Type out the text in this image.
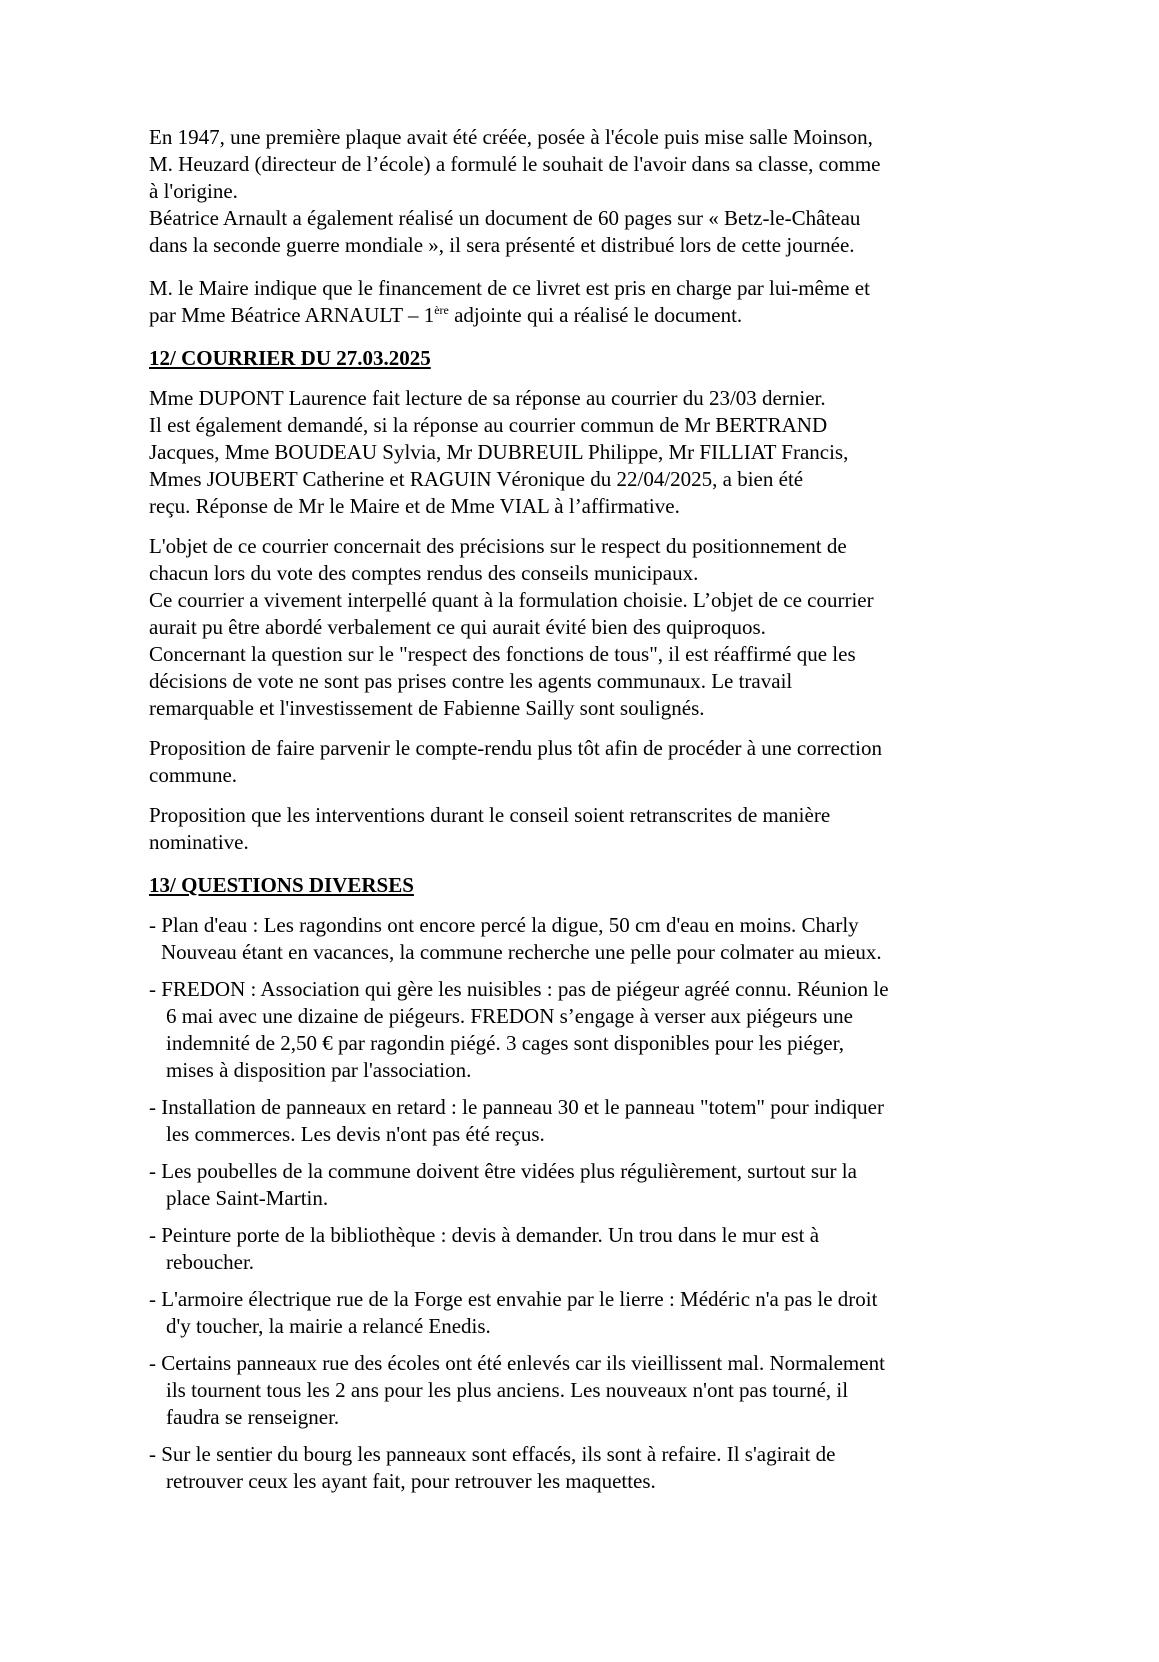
En 1947, une première plaque avait été créée, posée à l'école puis mise salle Moinson,
M. Heuzard (directeur de l’école) a formulé le souhait de l'avoir dans sa classe, comme
à l'origine.
Béatrice Arnault a également réalisé un document de 60 pages sur « Betz-le-Château
dans la seconde guerre mondiale », il sera présenté et distribué lors de cette journée.

M. le Maire indique que le financement de ce livret est pris en charge par lui-même et
par Mme Béatrice ARNAULT – 1ère adjointe qui a réalisé le document.

12/ COURRIER DU 27.03.2025

Mme DUPONT Laurence fait lecture de sa réponse au courrier du 23/03 dernier.
Il est également demandé, si la réponse au courrier commun de Mr BERTRAND
Jacques, Mme BOUDEAU Sylvia, Mr DUBREUIL Philippe, Mr FILLIAT Francis,
Mmes JOUBERT Catherine et RAGUIN Véronique du 22/04/2025, a bien été
reçu. Réponse de Mr le Maire et de Mme VIAL à l’affirmative.

L'objet de ce courrier concernait des précisions sur le respect du positionnement de
chacun lors du vote des comptes rendus des conseils municipaux.
Ce courrier a vivement interpellé quant à la formulation choisie. L’objet de ce courrier
aurait pu être abordé verbalement ce qui aurait évité bien des quiproquos.
Concernant la question sur le "respect des fonctions de tous", il est réaffirmé que les
décisions de vote ne sont pas prises contre les agents communaux. Le travail
remarquable et l'investissement de Fabienne Sailly sont soulignés.

Proposition de faire parvenir le compte-rendu plus tôt afin de procéder à une correction
commune.

Proposition que les interventions durant le conseil soient retranscrites de manière
nominative.

13/ QUESTIONS DIVERSES

- Plan d'eau : Les ragondins ont encore percé la digue, 50 cm d'eau en moins. Charly
Nouveau étant en vacances, la commune recherche une pelle pour colmater au mieux.

- FREDON : Association qui gère les nuisibles : pas de piégeur agréé connu. Réunion le
6 mai avec une dizaine de piégeurs. FREDON s’engage à verser aux piégeurs une
indemnité de 2,50 € par ragondin piégé. 3 cages sont disponibles pour les piéger,
mises à disposition par l'association.

- Installation de panneaux en retard : le panneau 30 et le panneau "totem" pour indiquer
les commerces. Les devis n'ont pas été reçus.

- Les poubelles de la commune doivent être vidées plus régulièrement, surtout sur la
place Saint-Martin.

- Peinture porte de la bibliothèque : devis à demander. Un trou dans le mur est à
reboucher.

- L'armoire électrique rue de la Forge est envahie par le lierre : Médéric n'a pas le droit
d'y toucher, la mairie a relancé Enedis.

- Certains panneaux rue des écoles ont été enlevés car ils vieillissent mal. Normalement
ils tournent tous les 2 ans pour les plus anciens. Les nouveaux n'ont pas tourné, il
faudra se renseigner.

- Sur le sentier du bourg les panneaux sont effacés, ils sont à refaire. Il s'agirait de
retrouver ceux les ayant fait, pour retrouver les maquettes.
